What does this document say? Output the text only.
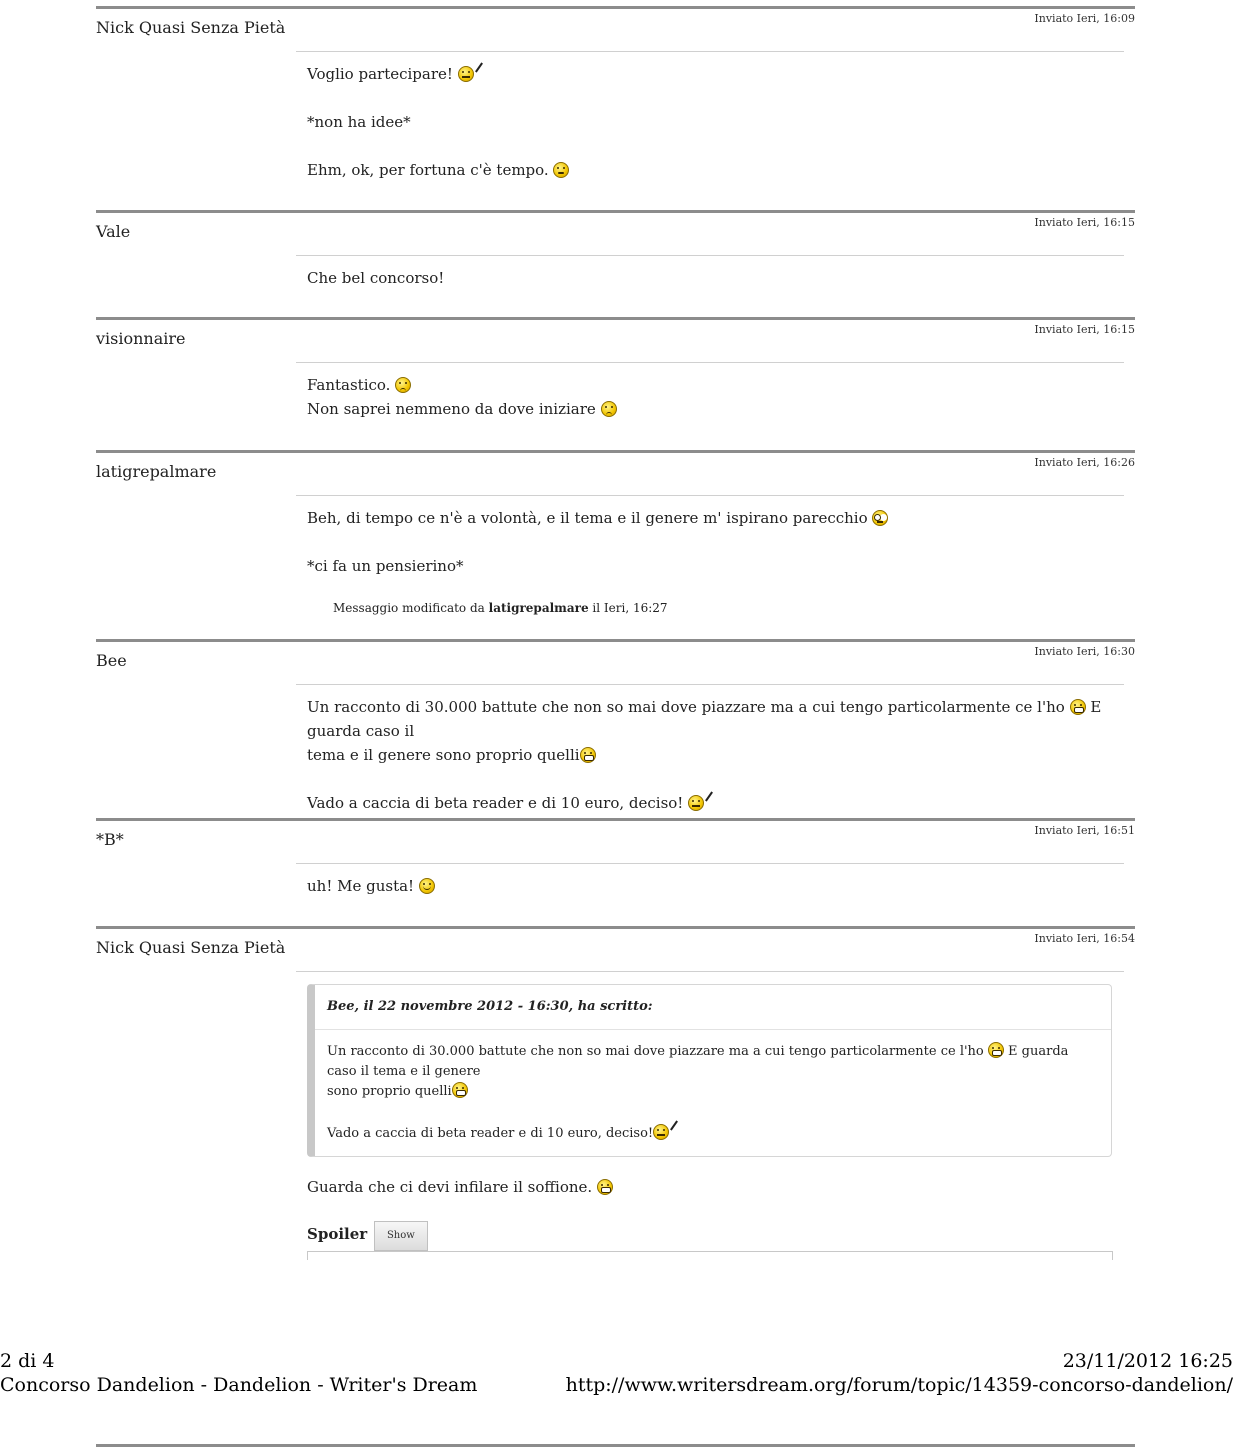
Nick Quasi Senza Pietà	Inviato Ieri, 16:09

Voglio partecipare!

*non ha idee*

Ehm, ok, per fortuna c'è tempo.

Vale	Inviato Ieri, 16:15

Che bel concorso!

visionnaire	Inviato Ieri, 16:15

Fantastico.

Non saprei nemmeno da dove iniziare

latigrepalmare	Inviato Ieri, 16:26

Beh, di tempo ce n'è a volontà, e il tema e il genere m' ispirano parecchio

*ci fa un pensierino*

Messaggio modificato da latigrepalmare il Ieri, 16:27
Bee	Inviato Ieri, 16:30

Un racconto di 30.000 battute che non so mai dove piazzare ma a cui tengo particolarmente ce l'ho E guarda caso il
tema e il genere sono proprio quelli

Vado a caccia di beta reader e di 10 euro, deciso!

*B*	Inviato Ieri, 16:51

uh! Me gusta!

Nick Quasi Senza Pietà	Inviato Ieri, 16:54
Bee, il 22 novembre 2012 - 16:30, ha scritto:

Un racconto di 30.000 battute che non so mai dove piazzare ma a cui tengo particolarmente ce l'ho E guarda caso il tema e il genere
sono proprio quelli

Vado a caccia di beta reader e di 10 euro, deciso!

Guarda che ci devi infilare il soffione.

Spoiler Show
2 di 4	23/11/2012 16:25
Concorso Dandelion - Dandelion - Writer's Dream	http://www.writersdream.org/forum/topic/14359-concorso-dandelion/
